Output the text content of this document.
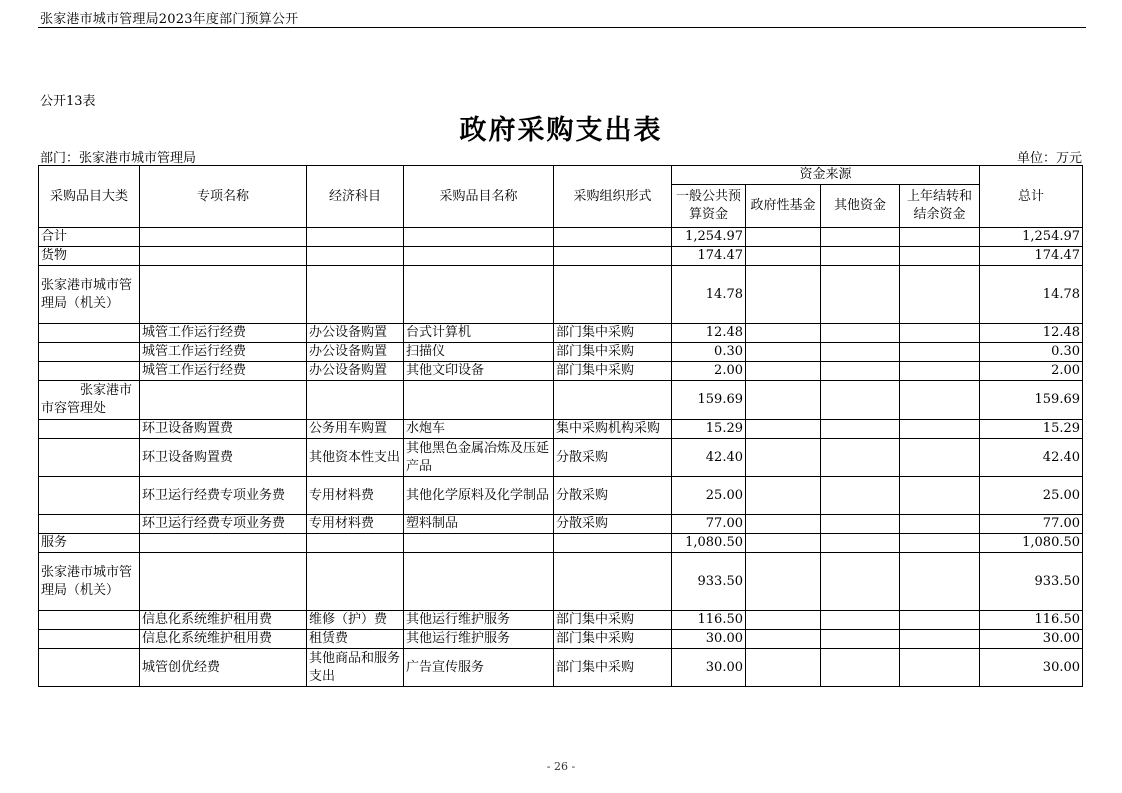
张家港市城市管理局2023年度部门预算公开
公开13表
政府采购支出表
部门：张家港市城市管理局	单位：万元
采购品目大类	专项名称	经济科目	采购品目名称	采购组织形式	资金来源				总计
					一般公共预算资金	政府性基金	其他资金	上年结转和结余资金	
合计					1,254.97				1,254.97
货物					174.47				174.47
张家港市城市管理局（机关）					14.78				14.78
	城管工作运行经费	办公设备购置	台式计算机	部门集中采购	12.48				12.48
	城管工作运行经费	办公设备购置	扫描仪	部门集中采购	0.30				0.30
	城管工作运行经费	办公设备购置	其他文印设备	部门集中采购	2.00				2.00
张家港市市容管理处					159.69				159.69
	环卫设备购置费	公务用车购置	水炮车	集中采购机构采购	15.29				15.29
	环卫设备购置费	其他资本性支出	其他黑色金属冶炼及压延产品	分散采购	42.40				42.40
	环卫运行经费专项业务费	专用材料费	其他化学原料及化学制品	分散采购	25.00				25.00
	环卫运行经费专项业务费	专用材料费	塑料制品	分散采购	77.00				77.00
服务					1,080.50				1,080.50
张家港市城市管理局（机关）					933.50				933.50
	信息化系统维护租用费	维修（护）费	其他运行维护服务	部门集中采购	116.50				116.50
	信息化系统维护租用费	租赁费	其他运行维护服务	部门集中采购	30.00				30.00
	城管创优经费	其他商品和服务支出	广告宣传服务	部门集中采购	30.00				30.00
- 26 -
